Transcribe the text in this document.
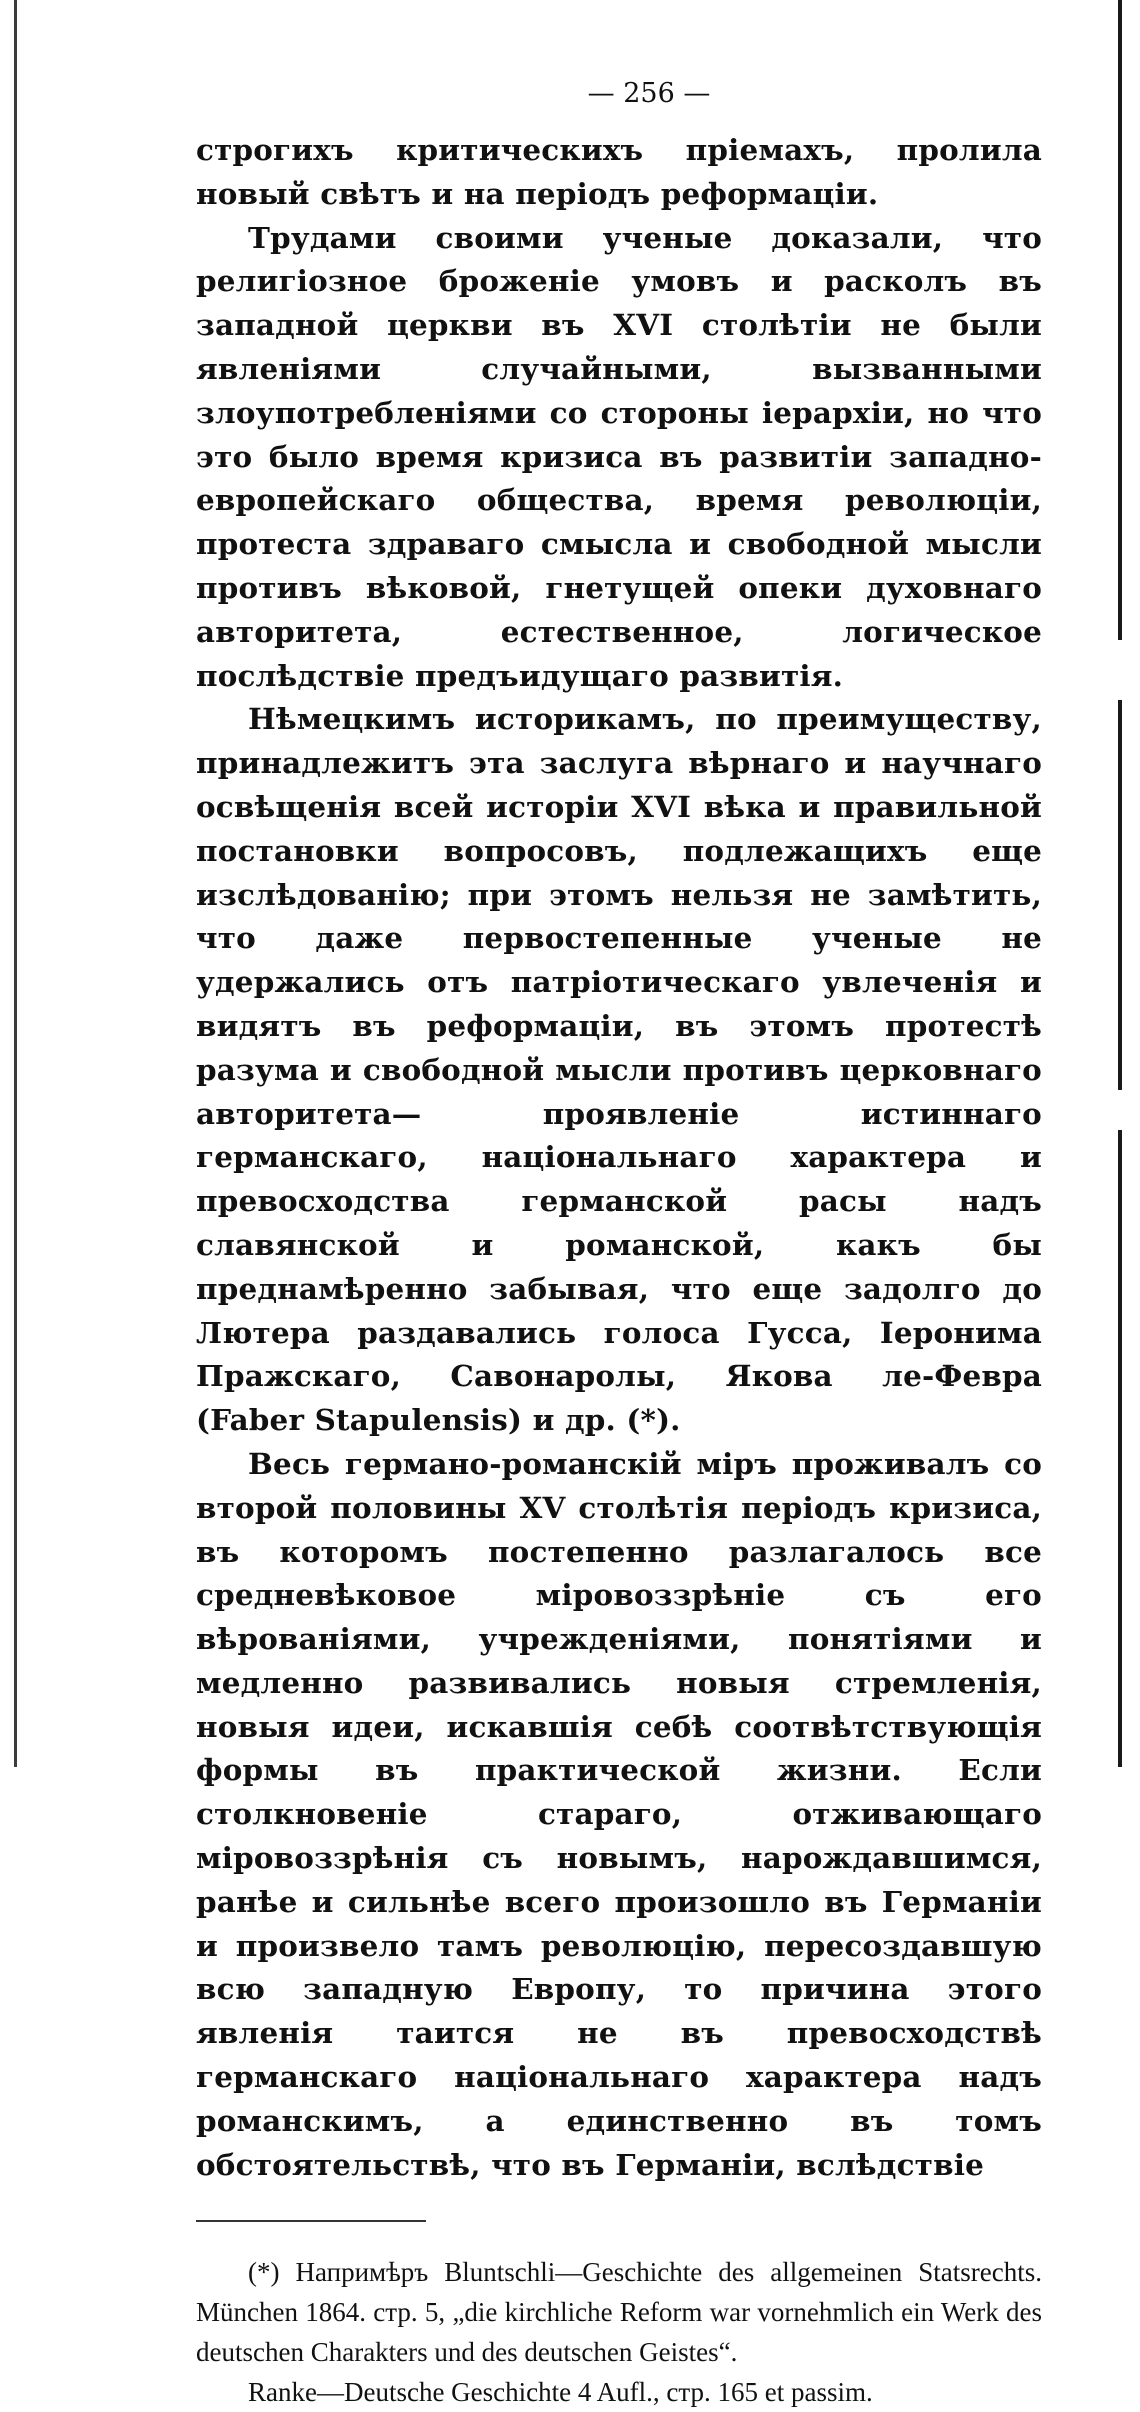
— 256 —

строгихъ критическихъ пріемахъ, пролила новый свѣтъ и на періодъ реформаціи.

Трудами своими ученые доказали, что религіозное броженіе умовъ и расколъ въ западной церкви въ XVI столѣтіи не были явленіями случайными, вызванными злоупотребленіями со стороны іерархіи, но что это было время кризиса въ развитіи западно-европейскаго общества, время революціи, протеста здраваго смысла и свободной мысли противъ вѣковой, гнетущей опеки духовнаго авторитета, естественное, логическое послѣдствіе предъидущаго развитія.

Нѣмецкимъ историкамъ, по преимуществу, принадлежитъ эта заслуга вѣрнаго и научнаго освѣщенія всей исторіи XVI вѣка и правильной постановки вопросовъ, подлежащихъ еще изслѣдованію; при этомъ нельзя не замѣтить, что даже первостепенные ученые не удержались отъ патріотическаго увлеченія и видятъ въ реформаціи, въ этомъ протестѣ разума и свободной мысли противъ церковнаго авторитета— проявленіе истиннаго германскаго, національнаго характера и превосходства германской расы надъ славянской и романской, какъ бы преднамѣренно забывая, что еще задолго до Лютера раздавались голоса Гусса, Іеронима Пражскаго, Савонаролы, Якова ле-Февра (Faber Stapulensis) и др. (*).

Весь германо-романскій міръ проживалъ со второй половины XV столѣтія періодъ кризиса, въ которомъ постепенно разлагалось все средневѣковое міровоззрѣніе съ его вѣрованіями, учрежденіями, понятіями и медленно развивались новыя стремленія, новыя идеи, искавшія себѣ соотвѣтствующія формы въ практической жизни. Если столкновеніе стараго, отживающаго міровоззрѣнія съ новымъ, нарождавшимся, ранѣе и сильнѣе всего произошло въ Германіи и произвело тамъ революцію, пересоздавшую всю западную Европу, то причина этого явленія таится не въ превосходствѣ германскаго національнаго характера надъ романскимъ, а единственно въ томъ обстоятельствѣ, что въ Германіи, вслѣдствіе

(*) Напримѣръ Bluntschli—Geschichte des allgemeinen Statsrechts. München 1864. стр. 5, „die kirchliche Reform war vornehmlich ein Werk des deutschen Charakters und des deutschen Geistes“.

Ranke—Deutsche Geschichte 4 Aufl., стр. 165 et passim.
